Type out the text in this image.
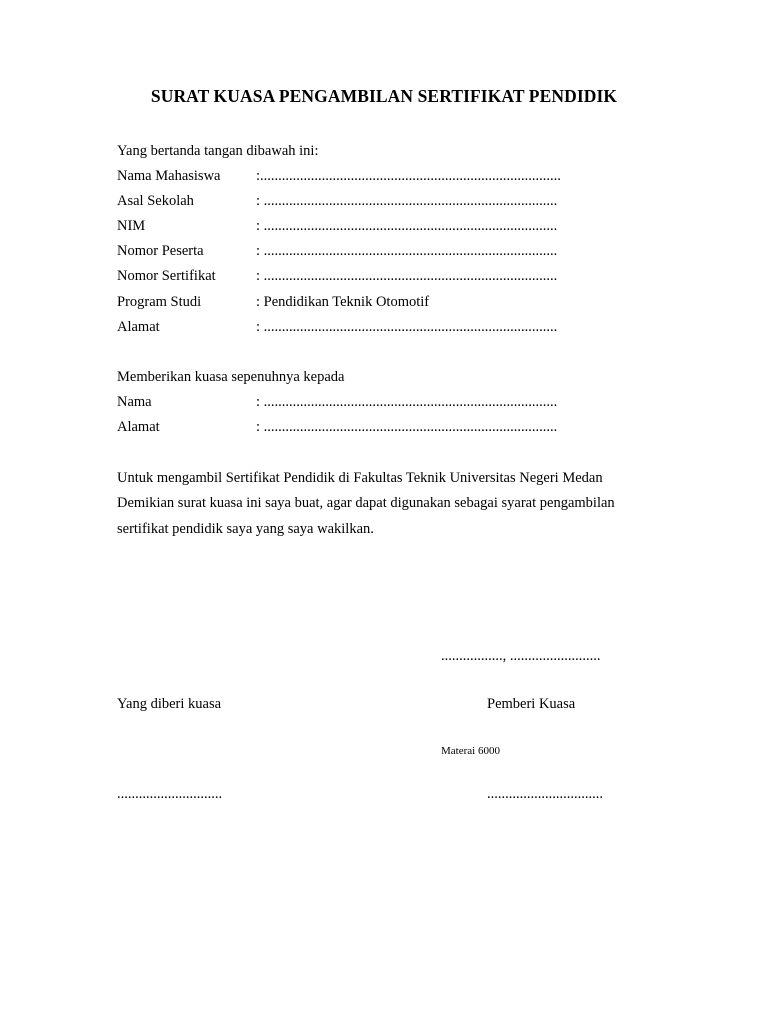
SURAT KUASA PENGAMBILAN SERTIFIKAT PENDIDIK
Yang bertanda tangan dibawah ini:
Nama Mahasiswa :...................................................................................
Asal Sekolah	: .................................................................................
NIM	: .................................................................................
Nomor Peserta	: .................................................................................
Nomor Sertifikat	: .................................................................................
Program Studi	: Pendidikan Teknik Otomotif
Alamat	: .................................................................................
Memberikan kuasa sepenuhnya kepada
Nama	: .................................................................................
Alamat	: .................................................................................
Untuk mengambil Sertifikat Pendidik di Fakultas Teknik Universitas Negeri Medan
Demikian surat kuasa ini saya buat, agar dapat digunakan sebagai syarat pengambilan
sertifikat pendidik saya yang saya wakilkan.
................., .........................
Yang diberi kuasa	Pemberi Kuasa
Materai 6000
.............................	................................
